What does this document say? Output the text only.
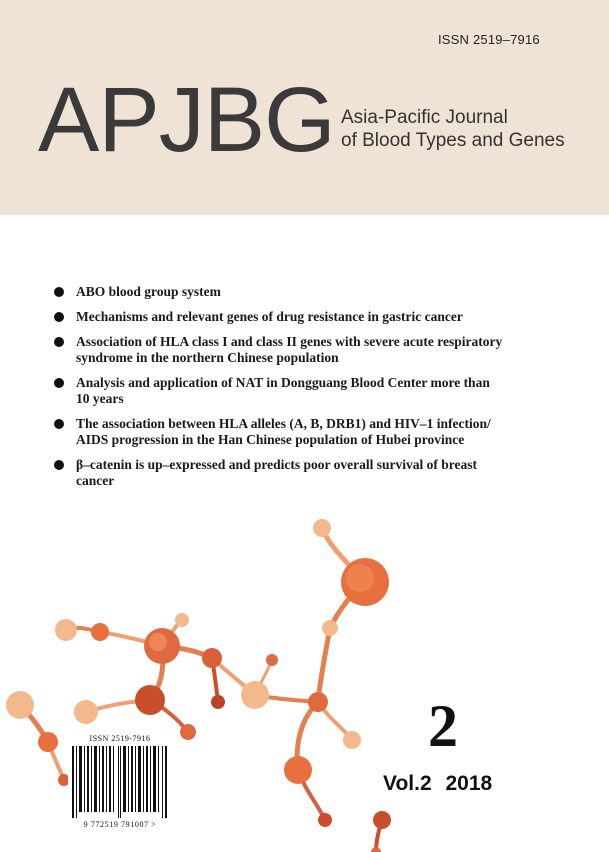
ISSN 2519–7916
APJBG Asia-Pacific Journal
of Blood Types and Genes
ABO blood group system
Mechanisms and relevant genes of drug resistance in gastric cancer
Association of HLA class I and class II genes with severe acute respiratory
syndrome in the northern Chinese population
Analysis and application of NAT in Dongguang Blood Center more than
10 years
The association between HLA alleles (A, B, DRB1) and HIV–1 infection/
AIDS progression in the Han Chinese population of Hubei province
β–catenin is up–expressed and predicts poor overall survival of breast
cancer
2
Vol.2 2018
ISSN 2519-7916
9 772519 791007 >
